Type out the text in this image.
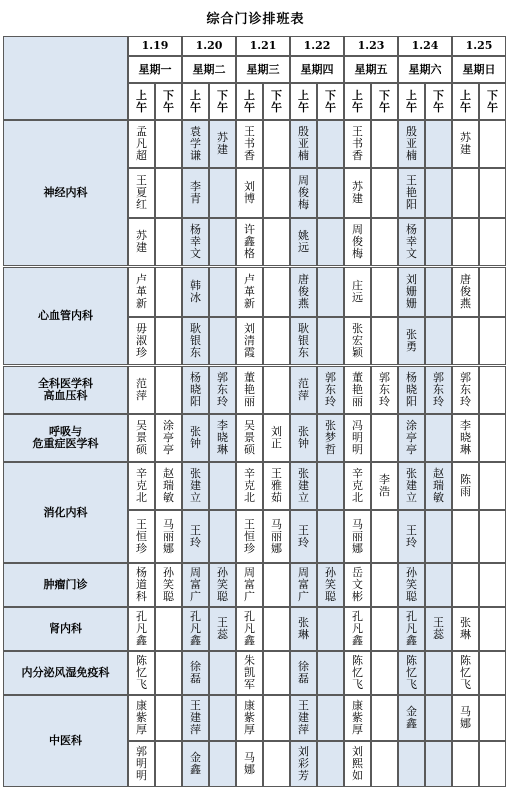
综合门诊排班表
1.19
星期一
上
午
下
午
1.20
星期二
上
午
下
午
1.21
星期三
上
午
下
午
1.22
星期四
上
午
下
午
1.23
星期五
上
午
下
午
1.24
星期六
上
午
下
午
1.25
星期日
上
午
下
午
神经内科
孟
凡
超
袁
学
谦
苏
建
王
书
香
殷
亚
楠
王
书
香
殷
亚
楠
苏
建
王
夏
红
李
青
刘
博
周
俊
梅
苏
建
王
艳
阳
苏
建
杨
幸
文
许
鑫
格
姚
远
周
俊
梅
杨
幸
文
心血管内科
卢
革
新
韩
冰
卢
革
新
唐
俊
燕
庄
远
刘
姗
姗
唐
俊
燕
毋
淑
珍
耿
银
东
刘
清
霞
耿
银
东
张
宏
颖
张
勇
全科医学科
高血压科
范
萍
杨
晓
阳
郭
东
玲
董
艳
丽
范
萍
郭
东
玲
董
艳
丽
郭
东
玲
杨
晓
阳
郭
东
玲
郭
东
玲
呼吸与
危重症医学科
吴
景
硕
涂
亭
亭
张
钟
李
晓
琳
吴
景
硕
刘
正
张
钟
张
梦
哲
冯
明
明
涂
亭
亭
李
晓
琳
消化内科
辛
克
北
赵
瑞
敏
张
建
立
辛
克
北
王
雅
茹
张
建
立
辛
克
北
李
浩
张
建
立
赵
瑞
敏
陈
雨
王
恒
珍
马
丽
娜
王
玲
王
恒
珍
马
丽
娜
王
玲
马
丽
娜
王
玲
肿瘤门诊
杨
道
科
孙
笑
聪
周
富
广
孙
笑
聪
周
富
广
周
富
广
孙
笑
聪
岳
文
彬
孙
笑
聪
肾内科
孔
凡
鑫
孔
凡
鑫
王
蕊
孔
凡
鑫
张
琳
孔
凡
鑫
孔
凡
鑫
王
蕊
张
琳
内分泌风湿免疫科
陈
忆
飞
徐
磊
朱
凯
军
徐
磊
陈
忆
飞
陈
忆
飞
陈
忆
飞
中医科
康
紫
厚
王
建
萍
康
紫
厚
王
建
萍
康
紫
厚
金
鑫
马
娜
郭
明
明
金
鑫
马
娜
刘
彩
芳
刘
熙
如
